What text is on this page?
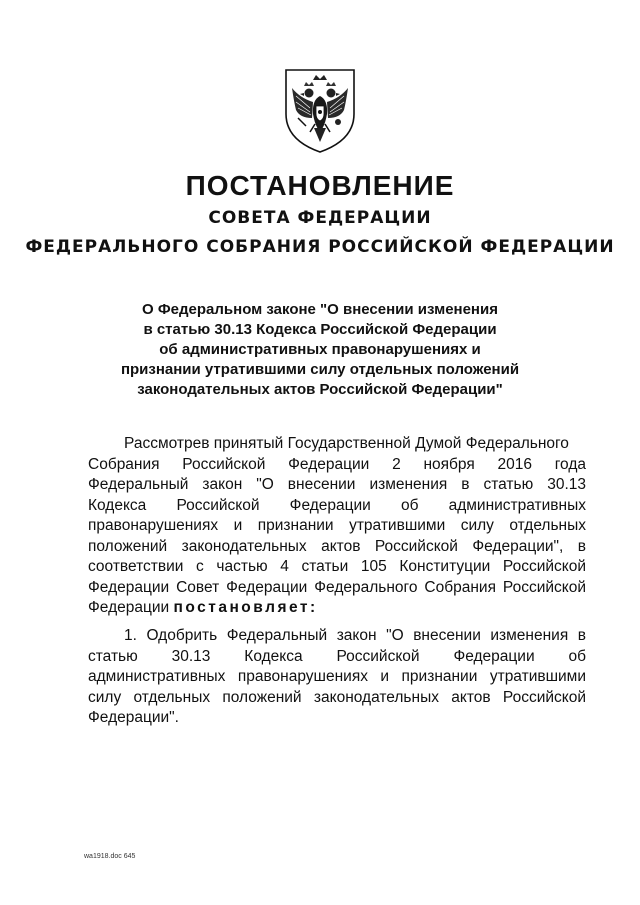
ПОСТАНОВЛЕНИЕ
СОВЕТА ФЕДЕРАЦИИ
ФЕДЕРАЛЬНОГО СОБРАНИЯ РОССИЙСКОЙ ФЕДЕРАЦИИ
О Федеральном законе "О внесении изменения
в статью 30.13 Кодекса Российской Федерации
об административных правонарушениях и
признании утратившими силу отдельных положений
законодательных актов Российской Федерации"
Рассмотрев принятый Государственной Думой Федерального
Собрания Российской Федерации 2 ноября 2016 года
Федеральный закон "О внесении изменения в статью 30.13
Кодекса Российской Федерации об административных
правонарушениях и признании утратившими силу отдельных
положений законодательных актов Российской Федерации", в
соответствии с частью 4 статьи 105 Конституции Российской
Федерации Совет Федерации Федерального Собрания Российской
Федерации постановляет:
1. Одобрить Федеральный закон "О внесении изменения в
статью 30.13 Кодекса Российской Федерации об
административных правонарушениях и признании утратившими
силу отдельных положений законодательных актов Российской
Федерации".
wa1918.doc 645
